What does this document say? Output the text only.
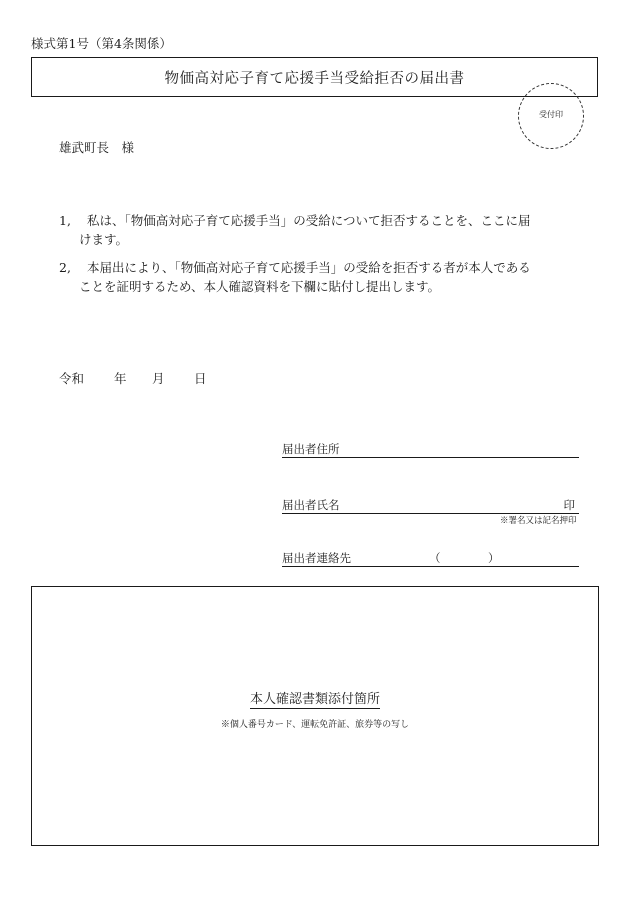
様式第1号（第4条関係）
物価高対応子育て応援手当受給拒否の届出書
受付印
雄武町長　様
1, 私は、「物価高対応子育て応援手当」の受給について拒否することを、ここに届
けます。
2, 本届出により、「物価高対応子育て応援手当」の受給を拒否する者が本人である
ことを証明するため、本人確認資料を下欄に貼付し提出します。
令和 年 月 日
届出者住所
届出者氏名	印
※署名又は記名押印
届出者連絡先	（	）
本人確認書類添付箇所
※個人番号カード、運転免許証、旅券等の写し
